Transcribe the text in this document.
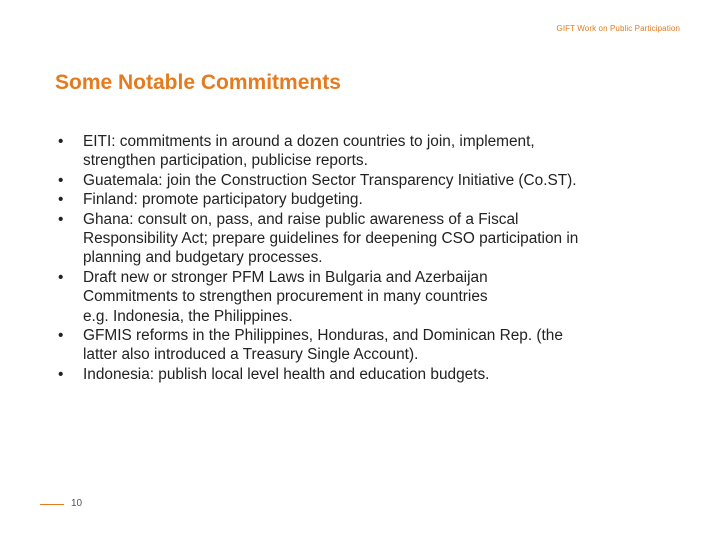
GIFT Work on Public Participation
Some Notable Commitments
• EITI: commitments in around a dozen countries to join, implement,
strengthen participation, publicise reports.
• Guatemala: join the Construction Sector Transparency Initiative (Co.ST).
• Finland: promote participatory budgeting.
• Ghana: consult on, pass, and raise public awareness of a Fiscal
Responsibility Act; prepare guidelines for deepening CSO participation in
planning and budgetary processes.
• Draft new or stronger PFM Laws in Bulgaria and Azerbaijan
Commitments to strengthen procurement in many countries
e.g. Indonesia, the Philippines.
• GFMIS reforms in the Philippines, Honduras, and Dominican Rep. (the
latter also introduced a Treasury Single Account).
• Indonesia: publish local level health and education budgets.
10
